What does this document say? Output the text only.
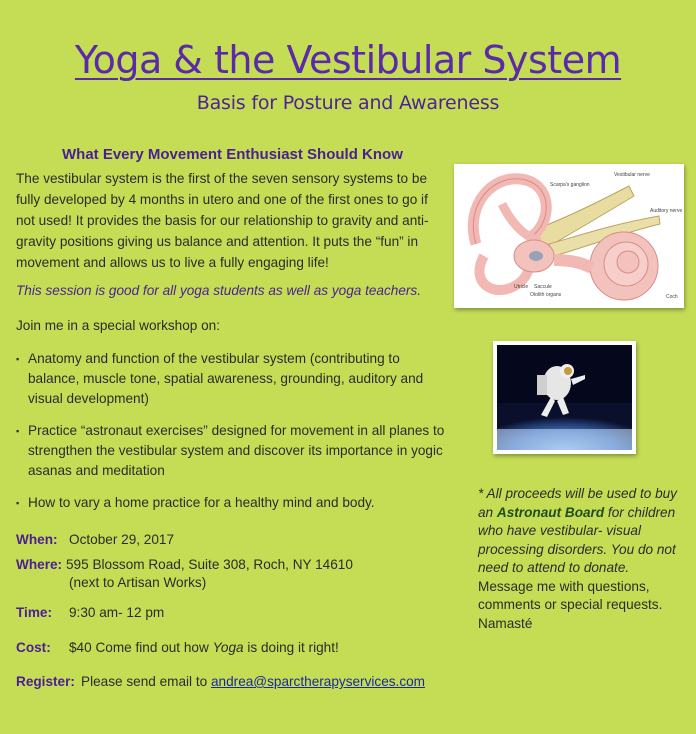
Yoga & the Vestibular System
Basis for Posture and Awareness
What Every Movement Enthusiast Should Know

The vestibular system is the first of the seven sensory systems to be fully developed by 4 months in utero and one of the first ones to go if not used! It provides the basis for our relationship to gravity and anti-gravity positions giving us balance and attention. It puts the “fun” in movement and allows us to live a fully engaging life!

This session is good for all yoga students as well as yoga teachers.

Join me in a special workshop on:

▪ Anatomy and function of the vestibular system (contributing to balance, muscle tone, spatial awareness, grounding, auditory and visual development)
▪ Practice “astronaut exercises” designed for movement in all planes to strengthen the vestibular system and discover its importance in yogic asanas and meditation
▪ How to vary a home practice for a healthy mind and body.
When: October 29, 2017
Where: 595 Blossom Road, Suite 308, Roch, NY 14610
(next to Artisan Works)
Time: 9:30 am- 12 pm
Cost: $40 Come find out how Yoga is doing it right!
Register: Please send email to andrea@sparctherapyservices.com
Vestibular nerve
Scarpa's ganglion
Auditory nerve
Utricle Saccule
Otolith organs	Coch
* All proceeds will be used to buy an Astronaut Board for children who have vestibular- visual processing disorders. You do not need to attend to donate. Message me with questions, comments or special requests. Namasté
